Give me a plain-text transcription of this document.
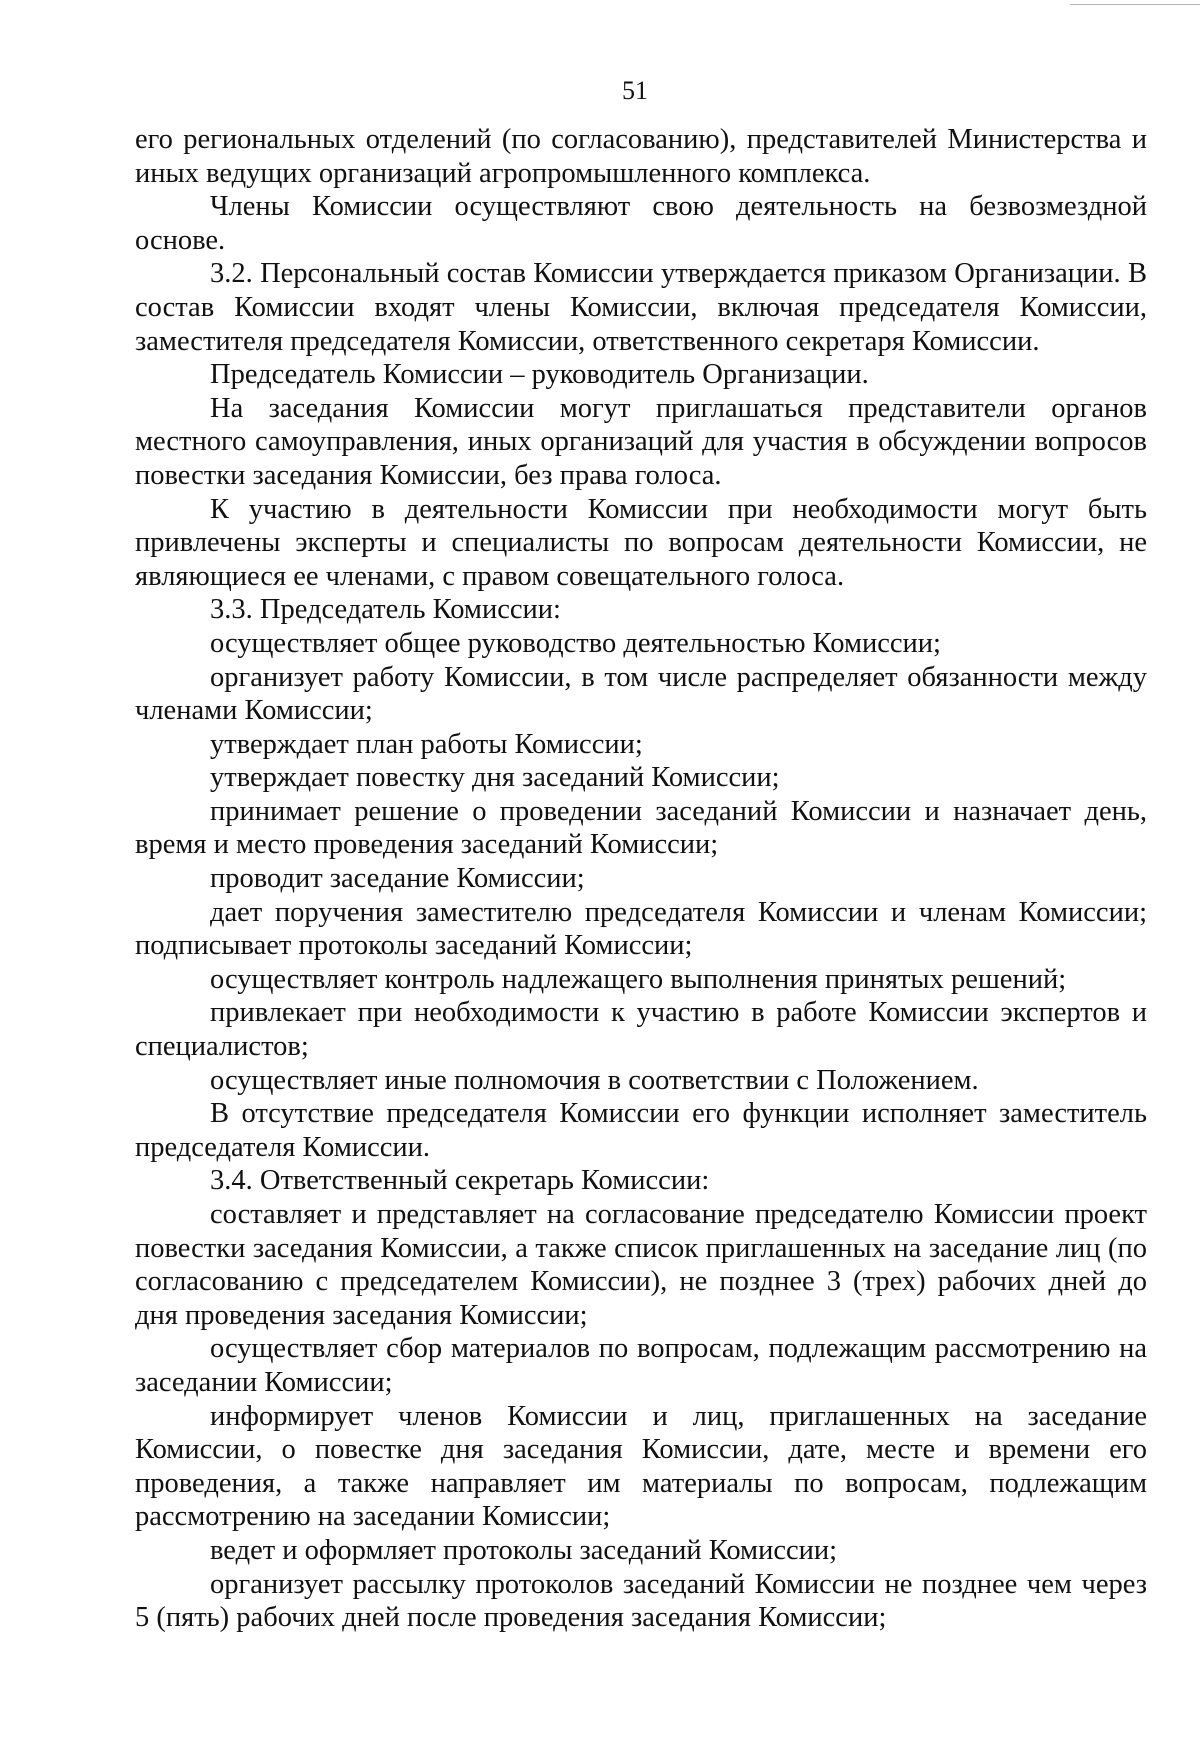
51

его региональных отделений (по согласованию), представителей Министерства и иных ведущих организаций агропромышленного комплекса.

Члены Комиссии осуществляют свою деятельность на безвозмездной основе.

3.2. Персональный состав Комиссии утверждается приказом Организации. В состав Комиссии входят члены Комиссии, включая председателя Комиссии, заместителя председателя Комиссии, ответственного секретаря Комиссии.

Председатель Комиссии – руководитель Организации.

На заседания Комиссии могут приглашаться представители органов местного самоуправления, иных организаций для участия в обсуждении вопросов повестки заседания Комиссии, без права голоса.

К участию в деятельности Комиссии при необходимости могут быть привлечены эксперты и специалисты по вопросам деятельности Комиссии, не являющиеся ее членами, с правом совещательного голоса.

3.3. Председатель Комиссии:

осуществляет общее руководство деятельностью Комиссии;

организует работу Комиссии, в том числе распределяет обязанности между членами Комиссии;

утверждает план работы Комиссии;

утверждает повестку дня заседаний Комиссии;

принимает решение о проведении заседаний Комиссии и назначает день, время и место проведения заседаний Комиссии;

проводит заседание Комиссии;

дает поручения заместителю председателя Комиссии и членам Комиссии; подписывает протоколы заседаний Комиссии;

осуществляет контроль надлежащего выполнения принятых решений;

привлекает при необходимости к участию в работе Комиссии экспертов и специалистов;

осуществляет иные полномочия в соответствии с Положением.

В отсутствие председателя Комиссии его функции исполняет заместитель председателя Комиссии.

3.4. Ответственный секретарь Комиссии:

составляет и представляет на согласование председателю Комиссии проект повестки заседания Комиссии, а также список приглашенных на заседание лиц (по согласованию с председателем Комиссии), не позднее 3 (трех) рабочих дней до дня проведения заседания Комиссии;

осуществляет сбор материалов по вопросам, подлежащим рассмотрению на заседании Комиссии;

информирует членов Комиссии и лиц, приглашенных на заседание Комиссии, о повестке дня заседания Комиссии, дате, месте и времени его проведения, а также направляет им материалы по вопросам, подлежащим рассмотрению на заседании Комиссии;

ведет и оформляет протоколы заседаний Комиссии;

организует рассылку протоколов заседаний Комиссии не позднее чем через 5 (пять) рабочих дней после проведения заседания Комиссии;
